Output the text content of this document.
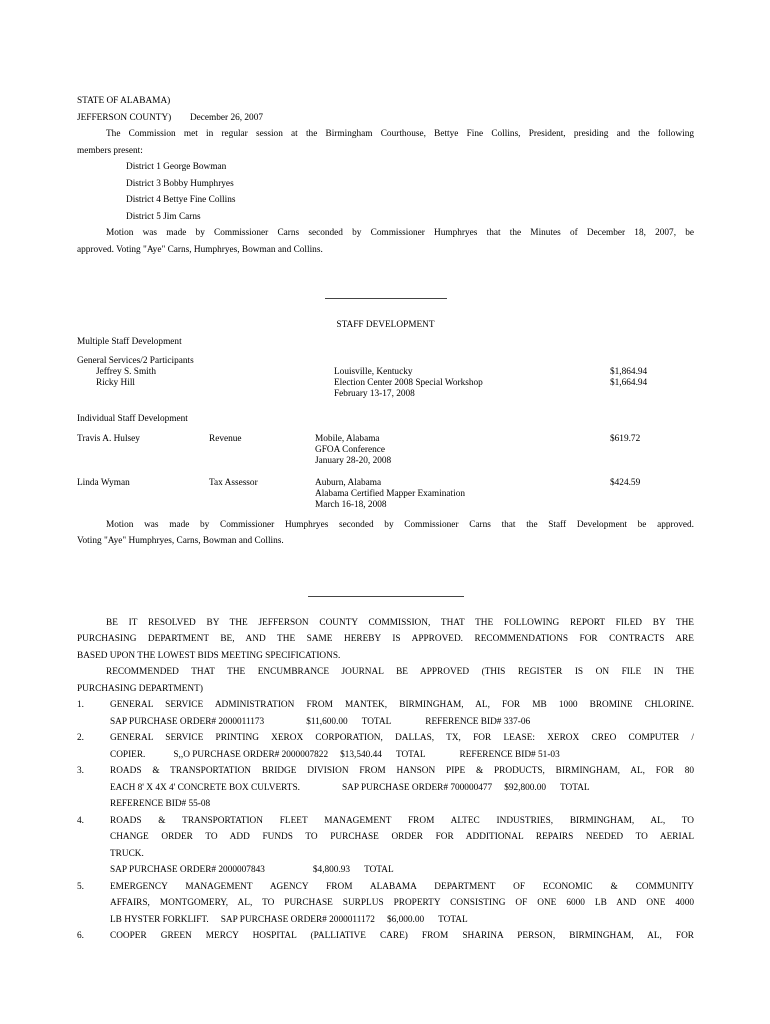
STATE OF ALABAMA)
JEFFERSON COUNTY) December 26, 2007
The Commission met in regular session at the Birmingham Courthouse, Bettye Fine Collins, President, presiding and the following
members present:
District 1 George Bowman
District 3 Bobby Humphryes
District 4 Bettye Fine Collins
District 5 Jim Carns
Motion was made by Commissioner Carns seconded by Commissioner Humphryes that the Minutes of December 18, 2007, be
approved. Voting "Aye" Carns, Humphryes, Bowman and Collins.
STAFF DEVELOPMENT
Multiple Staff Development
General Services/2 Participants			
Jeffrey S. Smith		Louisville, Kentucky	$1,864.94
Ricky Hill		Election Center 2008 Special Workshop	$1,664.94
		February 13-17, 2008	
Individual Staff Development
Travis A. Hulsey	Revenue	Mobile, Alabama	$619.72
		GFOA Conference	
		January 28-20, 2008	

Linda Wyman	Tax Assessor	Auburn, Alabama	$424.59
		Alabama Certified Mapper Examination	
		March 16-18, 2008	
Motion was made by Commissioner Humphryes seconded by Commissioner Carns that the Staff Development be approved.
Voting "Aye" Humphryes, Carns, Bowman and Collins.
BE IT RESOLVED BY THE JEFFERSON COUNTY COMMISSION, THAT THE FOLLOWING REPORT FILED BY THE
PURCHASING DEPARTMENT BE, AND THE SAME HEREBY IS APPROVED. RECOMMENDATIONS FOR CONTRACTS ARE
BASED UPON THE LOWEST BIDS MEETING SPECIFICATIONS.
RECOMMENDED THAT THE ENCUMBRANCE JOURNAL BE APPROVED (THIS REGISTER IS ON FILE IN THE
PURCHASING DEPARTMENT)
1.	GENERAL SERVICE ADMINISTRATION FROM MANTEK, BIRMINGHAM, AL, FOR MB 1000 BROMINE CHLORINE.
SAP PURCHASE ORDER# 2000011173	$11,600.00 TOTAL	REFERENCE BID# 337-06
2.	GENERAL SERVICE PRINTING XEROX CORPORATION, DALLAS, TX, FOR LEASE: XEROX CREO COMPUTER /
COPIER.	S,,O PURCHASE ORDER# 2000007822 $13,540.44 TOTAL	REFERENCE BID# 51-03
3.	ROADS & TRANSPORTATION BRIDGE DIVISION FROM HANSON PIPE & PRODUCTS, BIRMINGHAM, AL, FOR 80
EACH 8' X 4X 4' CONCRETE BOX CULVERTS.	SAP PURCHASE ORDER# 700000477 $92,800.00 TOTAL
REFERENCE BID# 55-08
4.	ROADS & TRANSPORTATION FLEET MANAGEMENT FROM ALTEC INDUSTRIES, BIRMINGHAM, AL, TO
CHANGE ORDER TO ADD FUNDS TO PURCHASE ORDER FOR ADDITIONAL REPAIRS NEEDED TO AERIAL
TRUCK.
SAP PURCHASE ORDER# 2000007843	$4,800.93 TOTAL
5.	EMERGENCY MANAGEMENT AGENCY FROM ALABAMA DEPARTMENT OF ECONOMIC & COMMUNITY
AFFAIRS, MONTGOMERY, AL, TO PURCHASE SURPLUS PROPERTY CONSISTING OF ONE 6000 LB AND ONE 4000
LB HYSTER FORKLIFT. SAP PURCHASE ORDER# 2000011172 $6,000.00 TOTAL
6.	COOPER GREEN MERCY HOSPITAL (PALLIATIVE CARE) FROM SHARINA PERSON, BIRMINGHAM, AL, FOR
